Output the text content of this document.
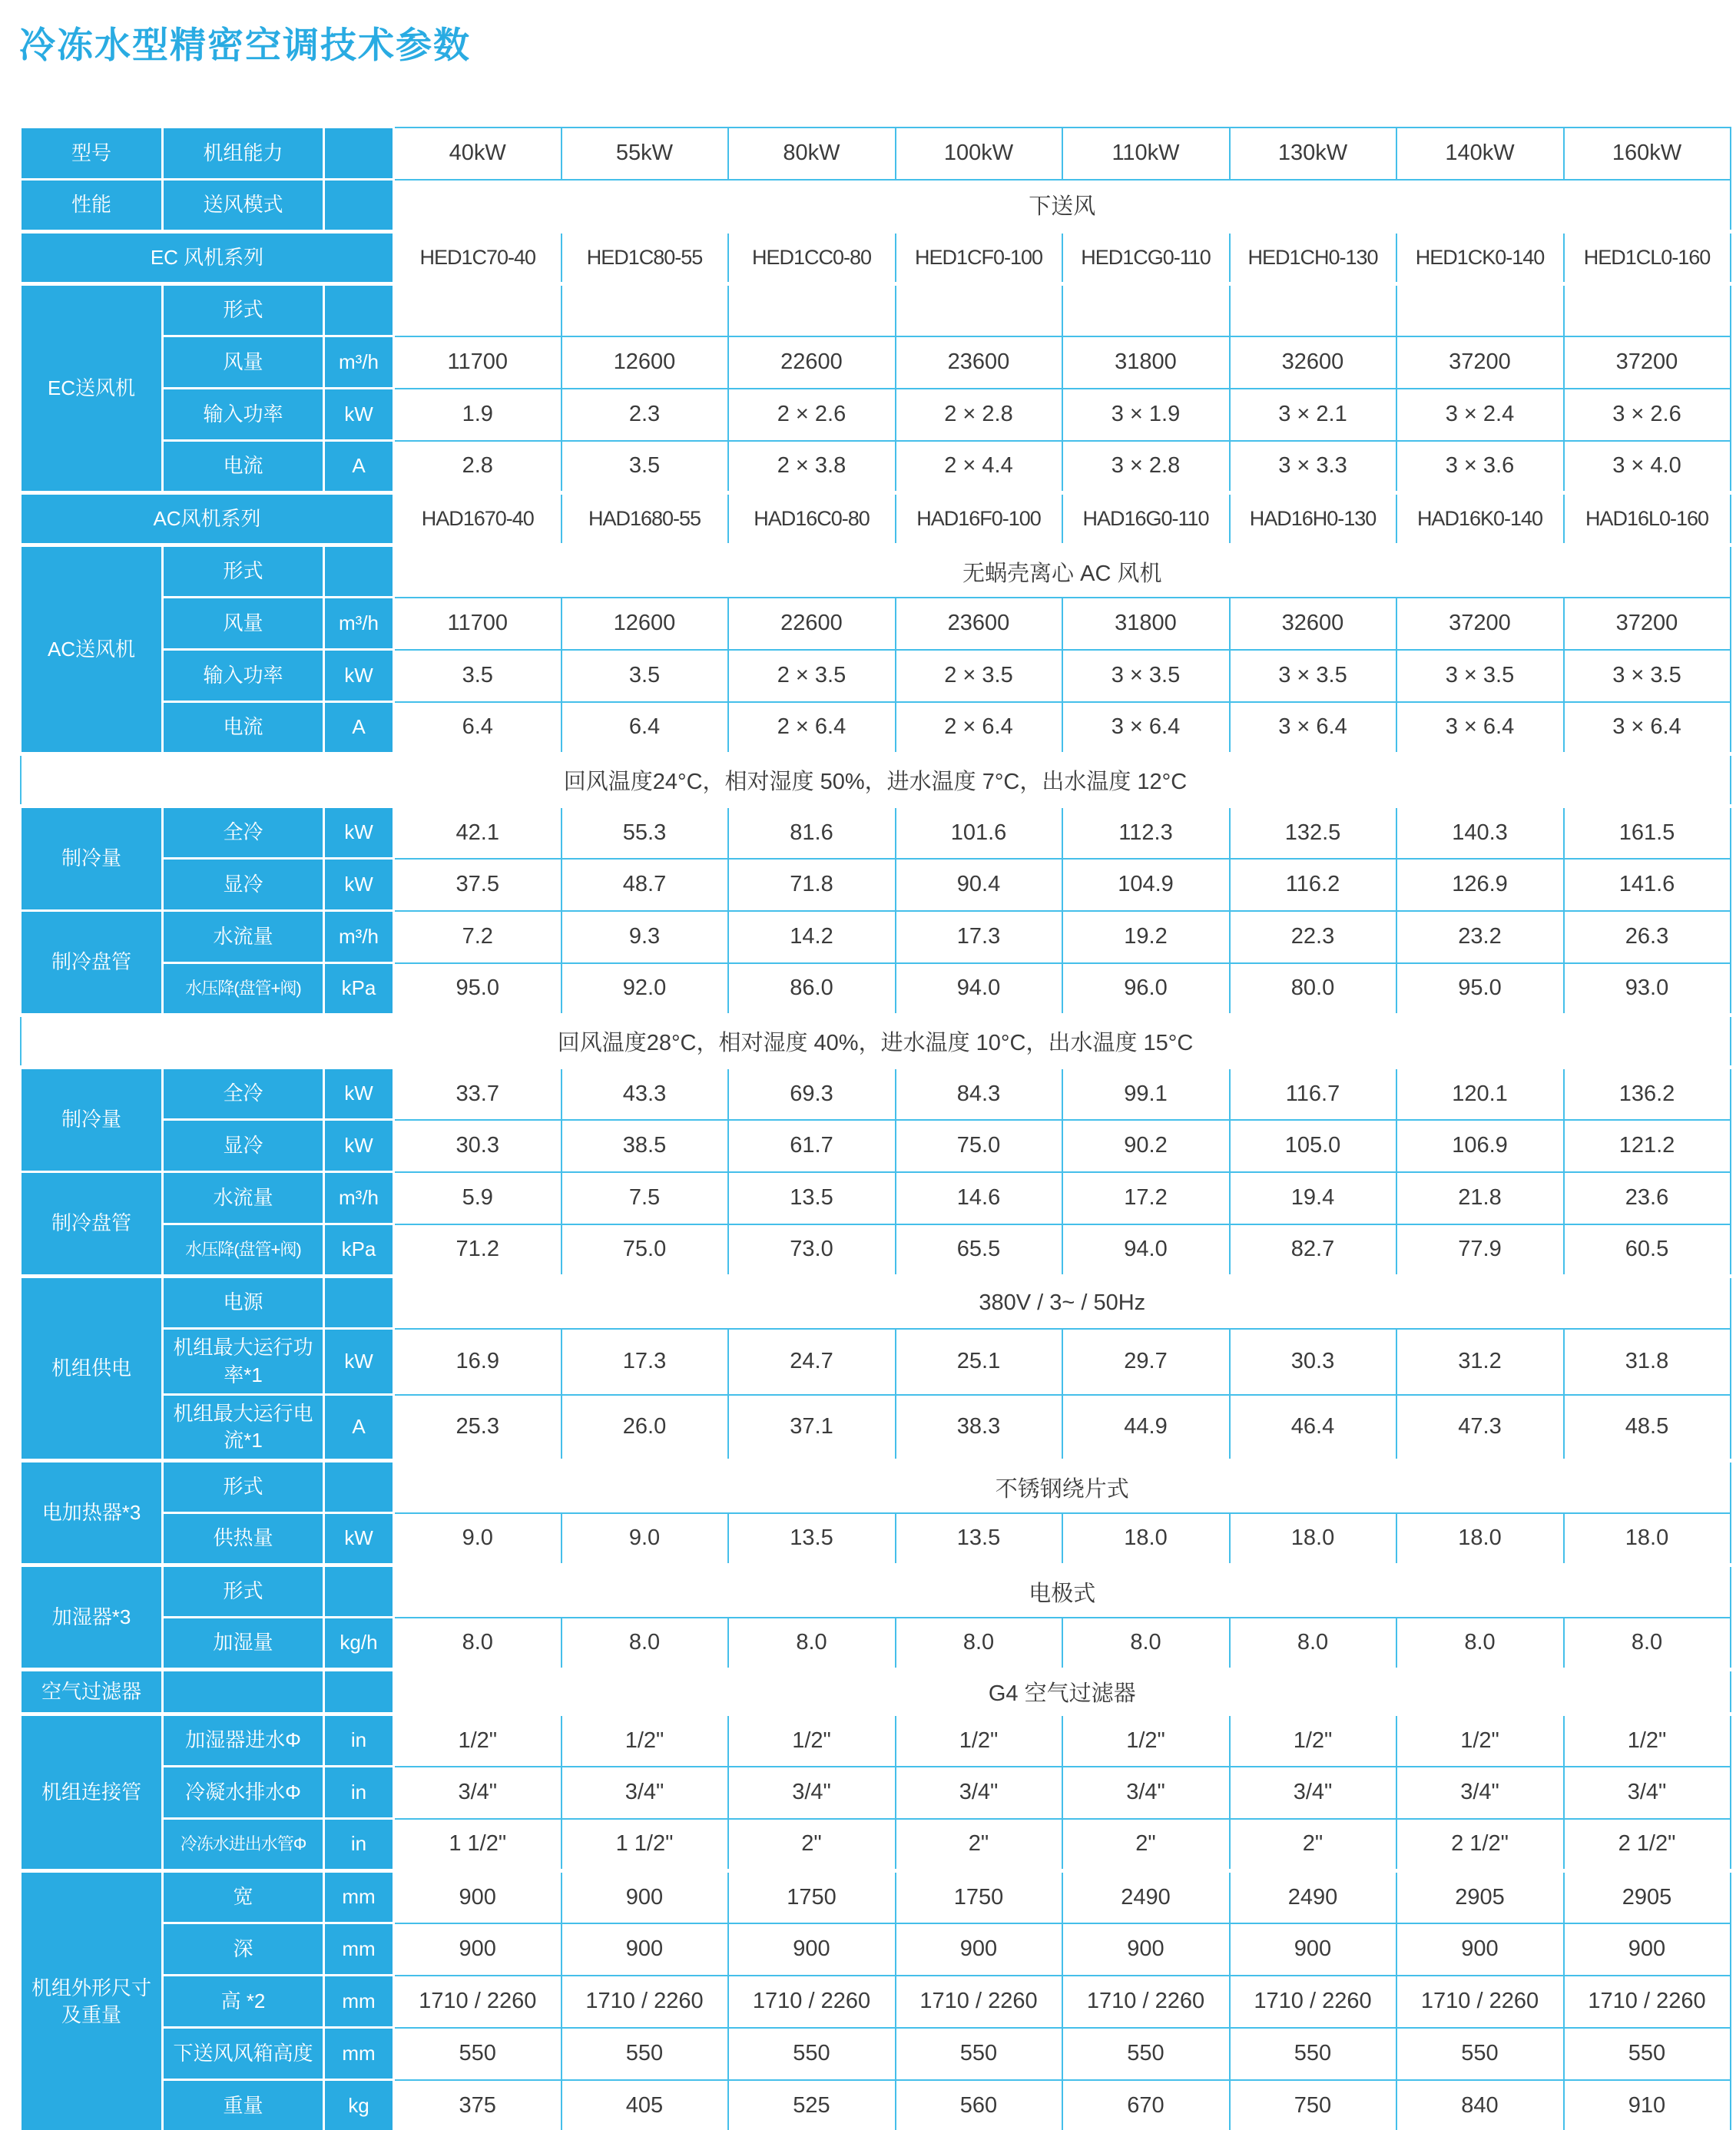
冷冻水型精密空调技术参数
型号	机组能力		40kW	55kW	80kW	100kW	110kW	130kW	140kW	160kW
性能	送风模式		下送风							
EC 风机系列			HED1C70-40	HED1C80-55	HED1CC0-80	HED1CF0-100	HED1CG0-110	HED1CH0-130	HED1CK0-140	HED1CL0-160
EC送风机	形式									
	风量	m³/h	11700	12600	22600	23600	31800	32600	37200	37200
	输入功率	kW	1.9	2.3	2 × 2.6	2 × 2.8	3 × 1.9	3 × 2.1	3 × 2.4	3 × 2.6
	电流	A	2.8	3.5	2 × 3.8	2 × 4.4	3 × 2.8	3 × 3.3	3 × 3.6	3 × 4.0
AC风机系列			HAD1670-40	HAD1680-55	HAD16C0-80	HAD16F0-100	HAD16G0-110	HAD16H0-130	HAD16K0-140	HAD16L0-160
AC送风机	形式		无蜗壳离心 AC 风机							
	风量	m³/h	11700	12600	22600	23600	31800	32600	37200	37200
	输入功率	kW	3.5	3.5	2 × 3.5	2 × 3.5	3 × 3.5	3 × 3.5	3 × 3.5	3 × 3.5
	电流	A	6.4	6.4	2 × 6.4	2 × 6.4	3 × 6.4	3 × 6.4	3 × 6.4	3 × 6.4
回风温度24°C，相对湿度 50%，进水温度 7°C，出水温度 12°C										
制冷量	全冷	kW	42.1	55.3	81.6	101.6	112.3	132.5	140.3	161.5
	显冷	kW	37.5	48.7	71.8	90.4	104.9	116.2	126.9	141.6
制冷盘管	水流量	m³/h	7.2	9.3	14.2	17.3	19.2	22.3	23.2	26.3
	水压降(盘管+阀)	kPa	95.0	92.0	86.0	94.0	96.0	80.0	95.0	93.0
回风温度28°C，相对湿度 40%，进水温度 10°C，出水温度 15°C										
制冷量	全冷	kW	33.7	43.3	69.3	84.3	99.1	116.7	120.1	136.2
	显冷	kW	30.3	38.5	61.7	75.0	90.2	105.0	106.9	121.2
制冷盘管	水流量	m³/h	5.9	7.5	13.5	14.6	17.2	19.4	21.8	23.6
	水压降(盘管+阀)	kPa	71.2	75.0	73.0	65.5	94.0	82.7	77.9	60.5
机组供电	电源		380V / 3~ / 50Hz							
	机组最大运行功率*1	kW	16.9	17.3	24.7	25.1	29.7	30.3	31.2	31.8
	机组最大运行电流*1	A	25.3	26.0	37.1	38.3	44.9	46.4	47.3	48.5
电加热器*3	形式		不锈钢绕片式							
	供热量	kW	9.0	9.0	13.5	13.5	18.0	18.0	18.0	18.0
加湿器*3	形式		电极式							
	加湿量	kg/h	8.0	8.0	8.0	8.0	8.0	8.0	8.0	8.0
空气过滤器			G4 空气过滤器							
机组连接管	加湿器进水Φ	in	1/2"	1/2"	1/2"	1/2"	1/2"	1/2"	1/2"	1/2"
	冷凝水排水Φ	in	3/4"	3/4"	3/4"	3/4"	3/4"	3/4"	3/4"	3/4"
	冷冻水进出水管Φ	in	1 1/2"	1 1/2"	2"	2"	2"	2"	2 1/2"	2 1/2"
机组外形尺寸及重量	宽	mm	900	900	1750	1750	2490	2490	2905	2905
	深	mm	900	900	900	900	900	900	900	900
	高 *2	mm	1710 / 2260	1710 / 2260	1710 / 2260	1710 / 2260	1710 / 2260	1710 / 2260	1710 / 2260	1710 / 2260
	下送风风箱高度	mm	550	550	550	550	550	550	550	550
	重量	kg	375	405	525	560	670	750	840	910
